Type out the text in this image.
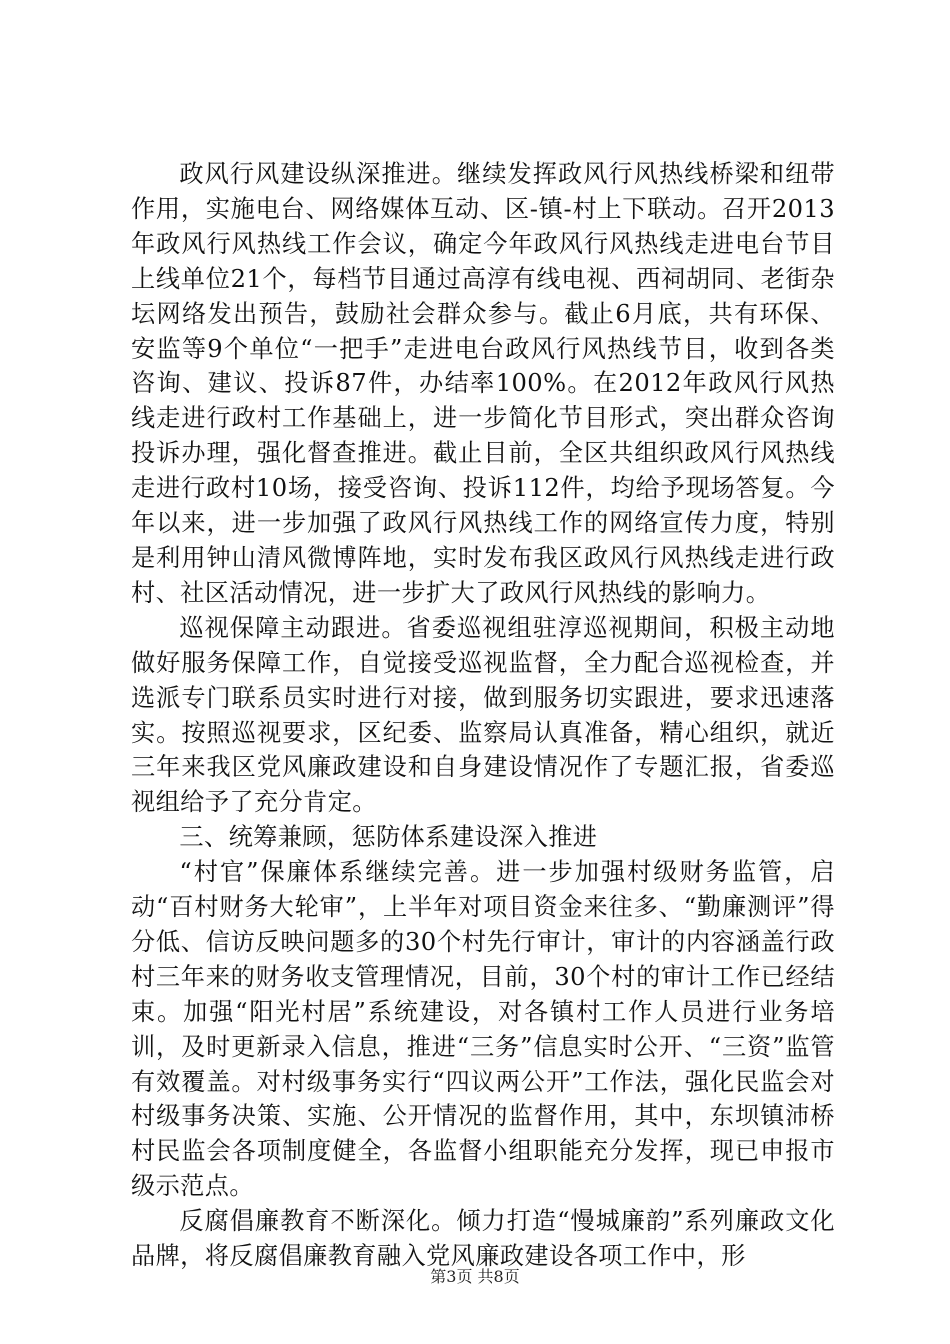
政风行风建设纵深推进。继续发挥政风行风热线桥梁和纽带作用，实施电台、网络媒体互动、区-镇-村上下联动。召开2013年政风行风热线工作会议，确定今年政风行风热线走进电台节目上线单位21个，每档节目通过高淳有线电视、西祠胡同、老街杂坛网络发出预告，鼓励社会群众参与。截止6月底，共有环保、安监等9个单位“一把手”走进电台政风行风热线节目，收到各类咨询、建议、投诉87件，办结率100%。在2012年政风行风热线走进行政村工作基础上，进一步简化节目形式，突出群众咨询投诉办理，强化督查推进。截止目前，全区共组织政风行风热线走进行政村10场，接受咨询、投诉112件，均给予现场答复。今年以来，进一步加强了政风行风热线工作的网络宣传力度，特别是利用钟山清风微博阵地，实时发布我区政风行风热线走进行政村、社区活动情况，进一步扩大了政风行风热线的影响力。

巡视保障主动跟进。省委巡视组驻淳巡视期间，积极主动地做好服务保障工作，自觉接受巡视监督，全力配合巡视检查，并选派专门联系员实时进行对接，做到服务切实跟进，要求迅速落实。按照巡视要求，区纪委、监察局认真准备，精心组织，就近三年来我区党风廉政建设和自身建设情况作了专题汇报，省委巡视组给予了充分肯定。

三、统筹兼顾，惩防体系建设深入推进

“村官”保廉体系继续完善。进一步加强村级财务监管，启动“百村财务大轮审”，上半年对项目资金来往多、“勤廉测评”得分低、信访反映问题多的30个村先行审计，审计的内容涵盖行政村三年来的财务收支管理情况，目前，30个村的审计工作已经结束。加强“阳光村居”系统建设，对各镇村工作人员进行业务培训，及时更新录入信息，推进“三务”信息实时公开、“三资”监管有效覆盖。对村级事务实行“四议两公开”工作法，强化民监会对村级事务决策、实施、公开情况的监督作用，其中，东坝镇沛桥村民监会各项制度健全，各监督小组职能充分发挥，现已申报市级示范点。

反腐倡廉教育不断深化。倾力打造“慢城廉韵”系列廉政文化品牌，将反腐倡廉教育融入党风廉政建设各项工作中，形

第3页 共8页
